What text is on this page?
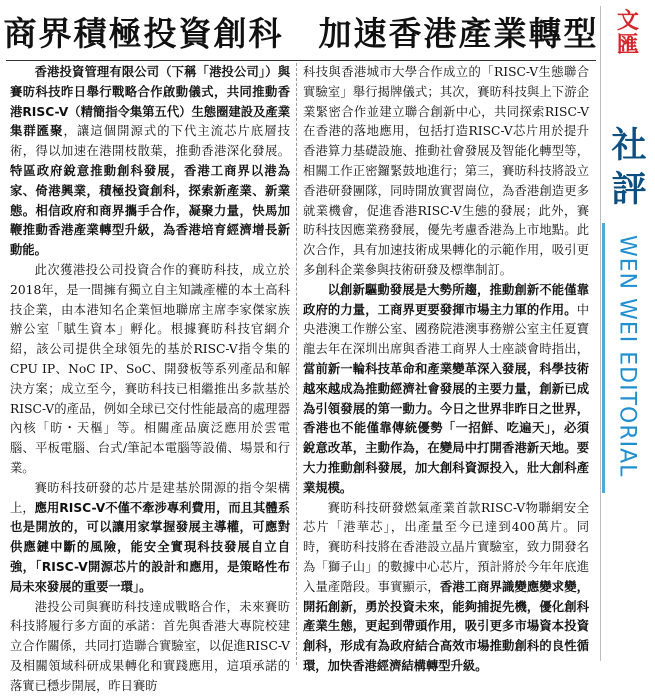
商界積極投資創科　加速香港產業轉型

香港投資管理有限公司（下稱「港投公司」）與賽昉科技昨日舉行戰略合作啟動儀式，共同推動香港RISC-V（精簡指令集第五代）生態圈建設及產業集群匯聚，讓這個開源式的下代主流芯片底層技術，得以加速在港開枝散葉，推動香港深化發展。特區政府銳意推動創科發展，香港工商界以港為家、倚港興業，積極投資創科，探索新產業、新業態。相信政府和商界攜手合作，凝聚力量，快馬加鞭推動香港產業轉型升級，為香港培育經濟增長新動能。

此次獲港投公司投資合作的賽昉科技，成立於2018年，是一間擁有獨立自主知識產權的本土高科技企業，由本港知名企業恒地聯席主席李家傑家族辦公室「賦生資本」孵化。根據賽昉科技官網介紹，該公司提供全球領先的基於RISC-V指令集的CPU IP、NoC IP、SoC、開發板等系列產品和解決方案；成立至今，賽昉科技已相繼推出多款基於RISC-V的產品，例如全球已交付性能最高的處理器內核「昉・天樞」等。相關產品廣泛應用於雲電腦、平板電腦、台式/筆記本電腦等設備、場景和行業。

賽昉科技研發的芯片是建基於開源的指令架構上，應用RISC-V不僅不牽涉專利費用，而且其體系也是開放的，可以讓用家掌握發展主導權，可應對供應鏈中斷的風險，能安全實現科技發展自立自強，「RISC-V開源芯片的設計和應用，是策略性布局未來發展的重要一環」。

港投公司與賽昉科技達成戰略合作，未來賽昉科技將履行多方面的承諾：首先與香港大專院校建立合作關係，共同打造聯合實驗室，以促進RISC-V及相關領域科研成果轉化和實踐應用，這項承諾的落實已穩步開展，昨日賽昉

科技與香港城市大學合作成立的「RISC-V生態聯合實驗室」舉行揭牌儀式；其次，賽昉科技與上下游企業緊密合作並建立聯合創新中心，共同探索RISC-V在香港的落地應用，包括打造RISC-V芯片用於提升香港算力基礎設施、推動社會發展及智能化轉型等，相關工作正密鑼緊鼓地進行；第三，賽昉科技將設立香港研發團隊，同時開放實習崗位，為香港創造更多就業機會，促進香港RISC-V生態的發展；此外，賽昉科技因應業務發展，優先考慮香港為上市地點。此次合作，具有加速技術成果轉化的示範作用，吸引更多創科企業參與技術研發及標準制訂。

以創新驅動發展是大勢所趨，推動創新不能僅靠政府的力量，工商界更要發揮市場主力軍的作用。中央港澳工作辦公室、國務院港澳事務辦公室主任夏寶龍去年在深圳出席與香港工商界人士座談會時指出，當前新一輪科技革命和產業變革深入發展，科學技術越來越成為推動經濟社會發展的主要力量，創新已成為引領發展的第一動力。今日之世界非昨日之世界，香港也不能僅靠傳統優勢「一招鮮、吃遍天」，必須銳意改革，主動作為，在變局中打開香港新天地。要大力推動創科發展，加大創科資源投入，壯大創科產業規模。

賽昉科技研發燃氣產業首款RISC-V物聯網安全芯片「港華芯」，出產量至今已達到400萬片。同時，賽昉科技將在香港設立晶片實驗室，致力開發名為「獅子山」的數據中心芯片，預計將於今年年底進入量產階段。事實顯示，香港工商界識變應變求變，開拓創新，勇於投資未來，能夠捕捉先機，優化創科產業生態，更起到帶頭作用，吸引更多市場資本投資創科，形成有為政府結合高效市場推動創科的良性循環，加快香港經濟結構轉型升級。

文
匯
社
評
WEN WEI EDITORIAL
